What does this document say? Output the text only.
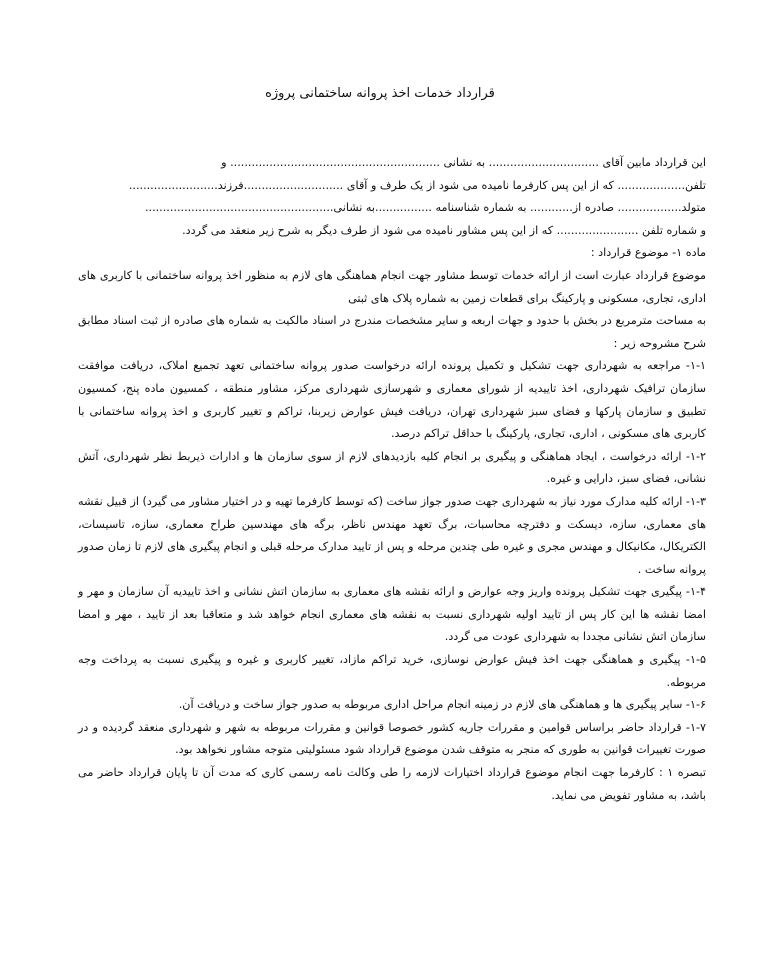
قرارداد خدمات اخذ پروانه ساختمانی پروژه
این قرارداد مابین آقای ............................... به نشانی ........................................................... و
تلفن................... که از این پس کارفرما نامیده می شود از یک طرف و آقای ............................فرزند.........................
متولد.................. صادره از............ به شماره شناسنامه ................به نشانی.....................................................
و شماره تلفن ....................... که از این پس مشاور نامیده می شود از طرف دیگر به شرح زیر منعقد می گردد.
ماده ۱- موضوع قرارداد :
موضوع قرارداد عبارت است از ارائه خدمات توسط مشاور جهت انجام هماهنگی های لازم به منظور اخذ پروانه ساختمانی با کاربری های اداری، تجاری، مسکونی و پارکینگ برای قطعات زمین به شماره پلاک های ثبتی
به مساحت مترمربع در بخش با حدود و جهات اربعه و سایر مشخصات مندرج در اسناد مالکیت به شماره های صادره از ثبت اسناد مطابق شرح مشروحه زیر :
۱-۱- مراجعه به شهرداری جهت تشکیل و تکمیل پرونده ارائه درخواست صدور پروانه ساختمانی تعهد تجمیع املاک، دریافت موافقت سازمان ترافیک شهرداری، اخذ تاییدیه از شورای معماری و شهرسازی شهرداری مرکز، مشاور منطقه ، کمسیون ماده پنج، کمسیون تطبیق و سازمان پارکها و فضای سبز شهرداری تهران، دریافت فیش عوارض زیربنا، تراکم و تغییر کاربری و اخذ پروانه ساختمانی با کاربری های مسکونی ، اداری، تجاری، پارکینگ با حداقل تراکم درصد.
۱-۲- ارائه درخواست ، ایجاد هماهنگی و پیگیری بر انجام کلیه بازدیدهای لازم از سوی سازمان ها و ادارات ذیربط نظر شهرداری، آتش نشانی، فضای سبز، دارایی و غیره.
۱-۳- ارائه کلیه مدارک مورد نیاز به شهرداری جهت صدور جواز ساخت (که توسط کارفرما تهیه و در اختیار مشاور می گیرد) از قبیل نقشه های معماری، سازه، دیسکت و دفترچه محاسبات، برگ تعهد مهندس ناظر، برگه های مهندسین طراح معماری، سازه، تاسیسات، الکتریکال، مکانیکال و مهندس مجری و غیره طی چندین مرحله و پس از تایید مدارک مرحله قبلی و انجام پیگیری های لازم تا زمان صدور پروانه ساخت .
۱-۴- پیگیری جهت تشکیل پرونده واریز وجه عوارض و ارائه نقشه های معماری به سازمان اتش نشانی و اخذ تاییدیه آن سازمان و مهر و امضا نقشه ها این کار پس از تایید اولیه شهرداری نسبت به نقشه های معماری انجام خواهد شد و متعاقبا بعد از تایید ، مهر و امضا سازمان اتش نشانی مجددا به شهرداری عودت می گردد.
۱-۵- پیگیری و هماهنگی جهت اخذ فیش عوارض نوسازی، خرید تراکم مازاد، تغییر کاربری و غیره و پیگیری نسبت به پرداخت وجه مربوطه.
۱-۶- سایر پیگیری ها و هماهنگی های لازم در زمینه انجام مراحل اداری مربوطه به صدور جواز ساخت و دریافت آن.
۱-۷- قرارداد حاضر براساس قوامین و مقررات جاریه کشور خصوصا قوانین و مقررات مربوطه به شهر و شهرداری منعقد گردیده و در صورت تغییرات قوانین به طوری که منجر به متوقف شدن موضوع قرارداد شود مسئولیتی متوجه مشاور نخواهد بود.
تبصره ۱ : کارفرما جهت انجام موضوع قرارداد اختیارات لازمه را طی وکالت نامه رسمی کاری که مدت آن تا پایان قرارداد حاضر می باشد، به مشاور تفویض می نماید.
